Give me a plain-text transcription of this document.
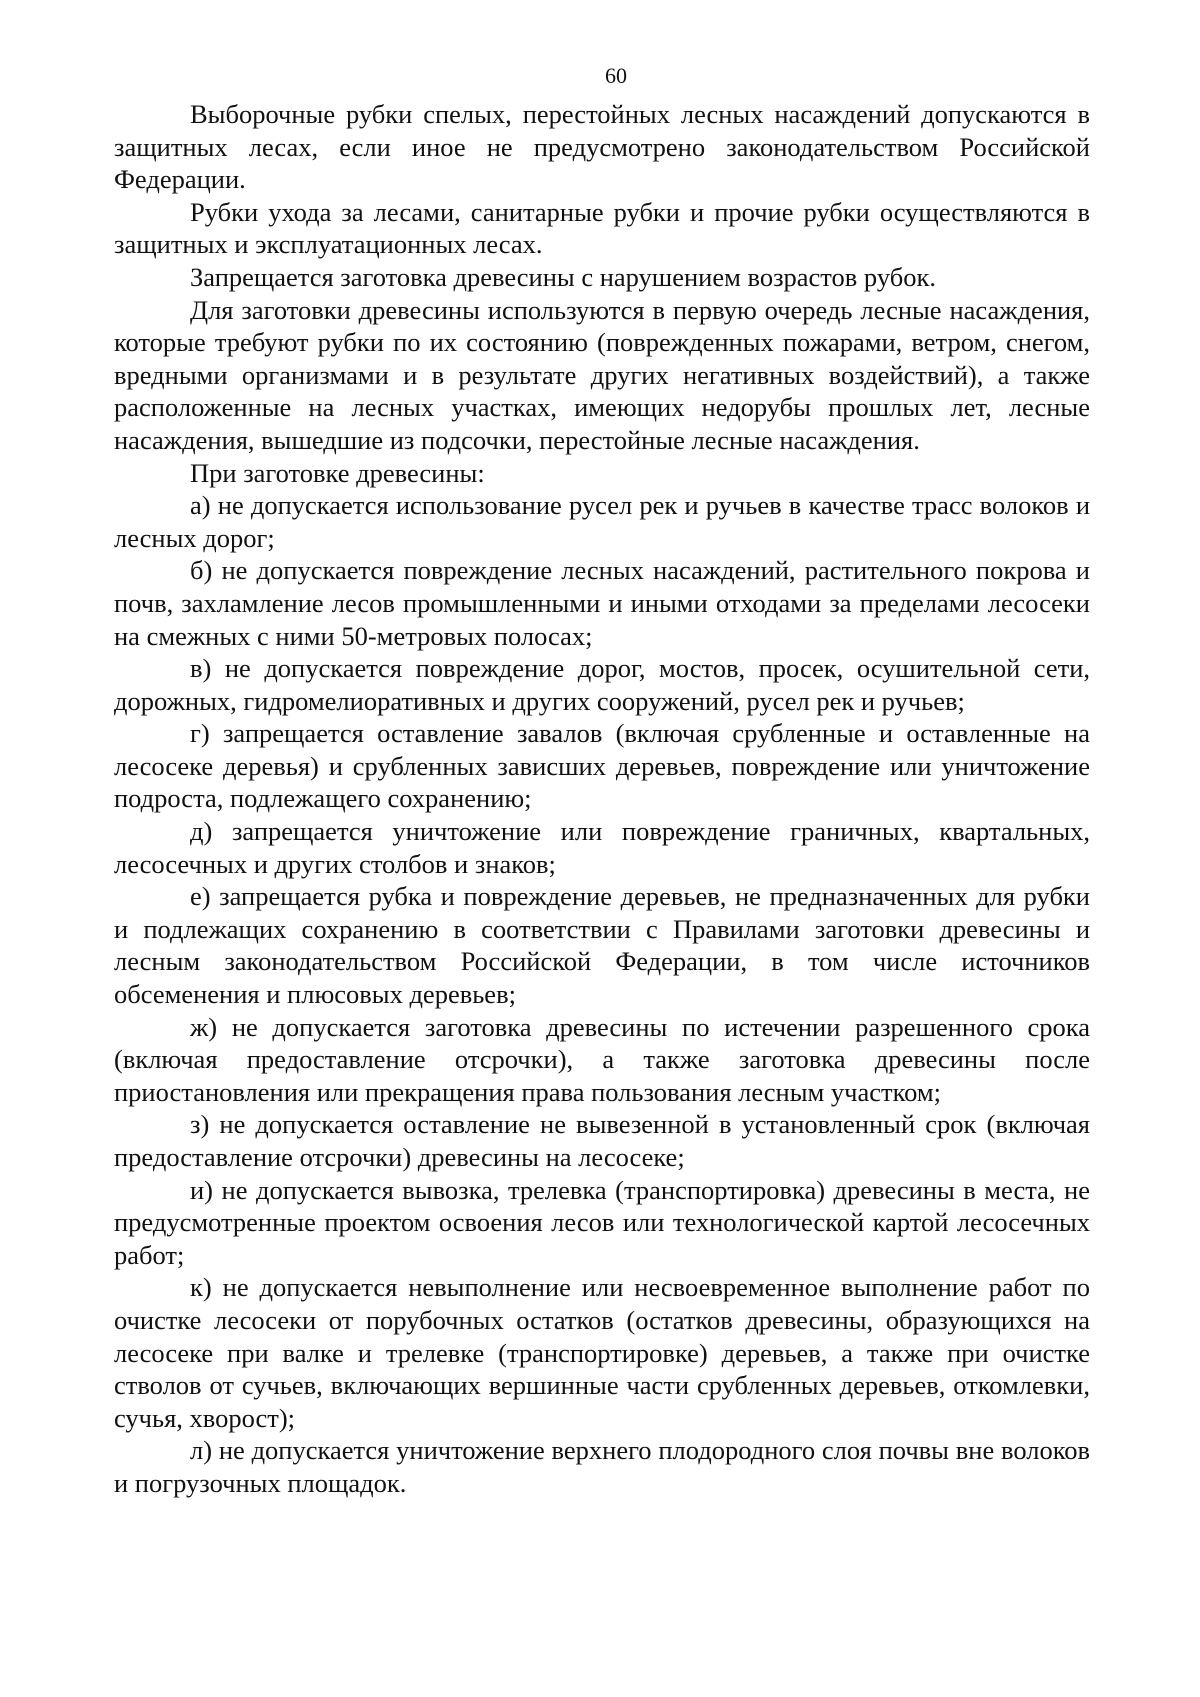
60

Выборочные рубки спелых, перестойных лесных насаждений допускаются в защитных лесах, если иное не предусмотрено законодательством Российской Федерации.

Рубки ухода за лесами, санитарные рубки и прочие рубки осуществляются в защитных и эксплуатационных лесах.

Запрещается заготовка древесины с нарушением возрастов рубок.

Для заготовки древесины используются в первую очередь лесные насаждения, которые требуют рубки по их состоянию (поврежденных пожарами, ветром, снегом, вредными организмами и в результате других негативных воздействий), а также расположенные на лесных участках, имеющих недорубы прошлых лет, лесные насаждения, вышедшие из подсочки, перестойные лесные насаждения.

При заготовке древесины:

а) не допускается использование русел рек и ручьев в качестве трасс волоков и лесных дорог;

б) не допускается повреждение лесных насаждений, растительного покрова и почв, захламление лесов промышленными и иными отходами за пределами лесосеки на смежных с ними 50-метровых полосах;

в) не допускается повреждение дорог, мостов, просек, осушительной сети, дорожных, гидромелиоративных и других сооружений, русел рек и ручьев;

г) запрещается оставление завалов (включая срубленные и оставленные на лесосеке деревья) и срубленных зависших деревьев, повреждение или уничтожение подроста, подлежащего сохранению;

д) запрещается уничтожение или повреждение граничных, квартальных, лесосечных и других столбов и знаков;

е) запрещается рубка и повреждение деревьев, не предназначенных для рубки и подлежащих сохранению в соответствии с Правилами заготовки древесины и лесным законодательством Российской Федерации, в том числе источников обсеменения и плюсовых деревьев;

ж) не допускается заготовка древесины по истечении разрешенного срока (включая предоставление отсрочки), а также заготовка древесины после приостановления или прекращения права пользования лесным участком;

з) не допускается оставление не вывезенной в установленный срок (включая предоставление отсрочки) древесины на лесосеке;

и) не допускается вывозка, трелевка (транспортировка) древесины в места, не предусмотренные проектом освоения лесов или технологической картой лесосечных работ;

к) не допускается невыполнение или несвоевременное выполнение работ по очистке лесосеки от порубочных остатков (остатков древесины, образующихся на лесосеке при валке и трелевке (транспортировке) деревьев, а также при очистке стволов от сучьев, включающих вершинные части срубленных деревьев, откомлевки, сучья, хворост);

л) не допускается уничтожение верхнего плодородного слоя почвы вне волоков и погрузочных площадок.
